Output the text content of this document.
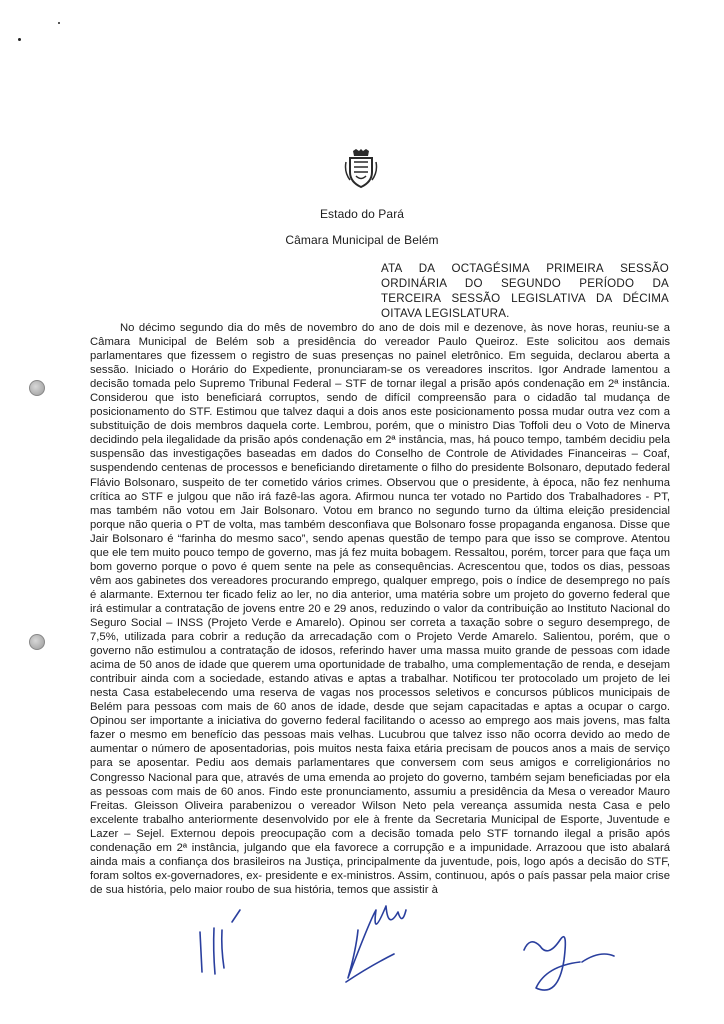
Estado do Pará
Câmara Municipal de Belém
ATA DA OCTAGÉSIMA PRIMEIRA SESSÃO ORDINÁRIA DO SEGUNDO PERÍODO DA TERCEIRA SESSÃO LEGISLATIVA DA DÉCIMA OITAVA LEGISLATURA.
No décimo segundo dia do mês de novembro do ano de dois mil e dezenove, às nove horas, reuniu-se a Câmara Municipal de Belém sob a presidência do vereador Paulo Queiroz. Este solicitou aos demais parlamentares que fizessem o registro de suas presenças no painel eletrônico. Em seguida, declarou aberta a sessão. Iniciado o Horário do Expediente, pronunciaram-se os vereadores inscritos. Igor Andrade lamentou a decisão tomada pelo Supremo Tribunal Federal – STF de tornar ilegal a prisão após condenação em 2ª instância. Considerou que isto beneficiará corruptos, sendo de difícil compreensão para o cidadão tal mudança de posicionamento do STF. Estimou que talvez daqui a dois anos este posicionamento possa mudar outra vez com a substituição de dois membros daquela corte. Lembrou, porém, que o ministro Dias Toffoli deu o Voto de Minerva decidindo pela ilegalidade da prisão após condenação em 2ª instância, mas, há pouco tempo, também decidiu pela suspensão das investigações baseadas em dados do Conselho de Controle de Atividades Financeiras – Coaf, suspendendo centenas de processos e beneficiando diretamente o filho do presidente Bolsonaro, deputado federal Flávio Bolsonaro, suspeito de ter cometido vários crimes. Observou que o presidente, à época, não fez nenhuma crítica ao STF e julgou que não irá fazê-las agora. Afirmou nunca ter votado no Partido dos Trabalhadores - PT, mas também não votou em Jair Bolsonaro. Votou em branco no segundo turno da última eleição presidencial porque não queria o PT de volta, mas também desconfiava que Bolsonaro fosse propaganda enganosa. Disse que Jair Bolsonaro é “farinha do mesmo saco”, sendo apenas questão de tempo para que isso se comprove. Atentou que ele tem muito pouco tempo de governo, mas já fez muita bobagem. Ressaltou, porém, torcer para que faça um bom governo porque o povo é quem sente na pele as consequências. Acrescentou que, todos os dias, pessoas vêm aos gabinetes dos vereadores procurando emprego, qualquer emprego, pois o índice de desemprego no país é alarmante. Externou ter ficado feliz ao ler, no dia anterior, uma matéria sobre um projeto do governo federal que irá estimular a contratação de jovens entre 20 e 29 anos, reduzindo o valor da contribuição ao Instituto Nacional do Seguro Social – INSS (Projeto Verde e Amarelo). Opinou ser correta a taxação sobre o seguro desemprego, de 7,5%, utilizada para cobrir a redução da arrecadação com o Projeto Verde Amarelo. Salientou, porém, que o governo não estimulou a contratação de idosos, referindo haver uma massa muito grande de pessoas com idade acima de 50 anos de idade que querem uma oportunidade de trabalho, uma complementação de renda, e desejam contribuir ainda com a sociedade, estando ativas e aptas a trabalhar. Notificou ter protocolado um projeto de lei nesta Casa estabelecendo uma reserva de vagas nos processos seletivos e concursos públicos municipais de Belém para pessoas com mais de 60 anos de idade, desde que sejam capacitadas e aptas a ocupar o cargo. Opinou ser importante a iniciativa do governo federal facilitando o acesso ao emprego aos mais jovens, mas falta fazer o mesmo em benefício das pessoas mais velhas. Lucubrou que talvez isso não ocorra devido ao medo de aumentar o número de aposentadorias, pois muitos nesta faixa etária precisam de poucos anos a mais de serviço para se aposentar. Pediu aos demais parlamentares que conversem com seus amigos e correligionários no Congresso Nacional para que, através de uma emenda ao projeto do governo, também sejam beneficiadas por ela as pessoas com mais de 60 anos. Findo este pronunciamento, assumiu a presidência da Mesa o vereador Mauro Freitas. Gleisson Oliveira parabenizou o vereador Wilson Neto pela vereança assumida nesta Casa e pelo excelente trabalho anteriormente desenvolvido por ele à frente da Secretaria Municipal de Esporte, Juventude e Lazer – Sejel. Externou depois preocupação com a decisão tomada pelo STF tornando ilegal a prisão após condenação em 2ª instância, julgando que ela favorece a corrupção e a impunidade. Arrazoou que isto abalará ainda mais a confiança dos brasileiros na Justiça, principalmente da juventude, pois, logo após a decisão do STF, foram soltos ex-governadores, ex- presidente e ex-ministros. Assim, continuou, após o país passar pela maior crise de sua história, pelo maior roubo de sua história, temos que assistir à
